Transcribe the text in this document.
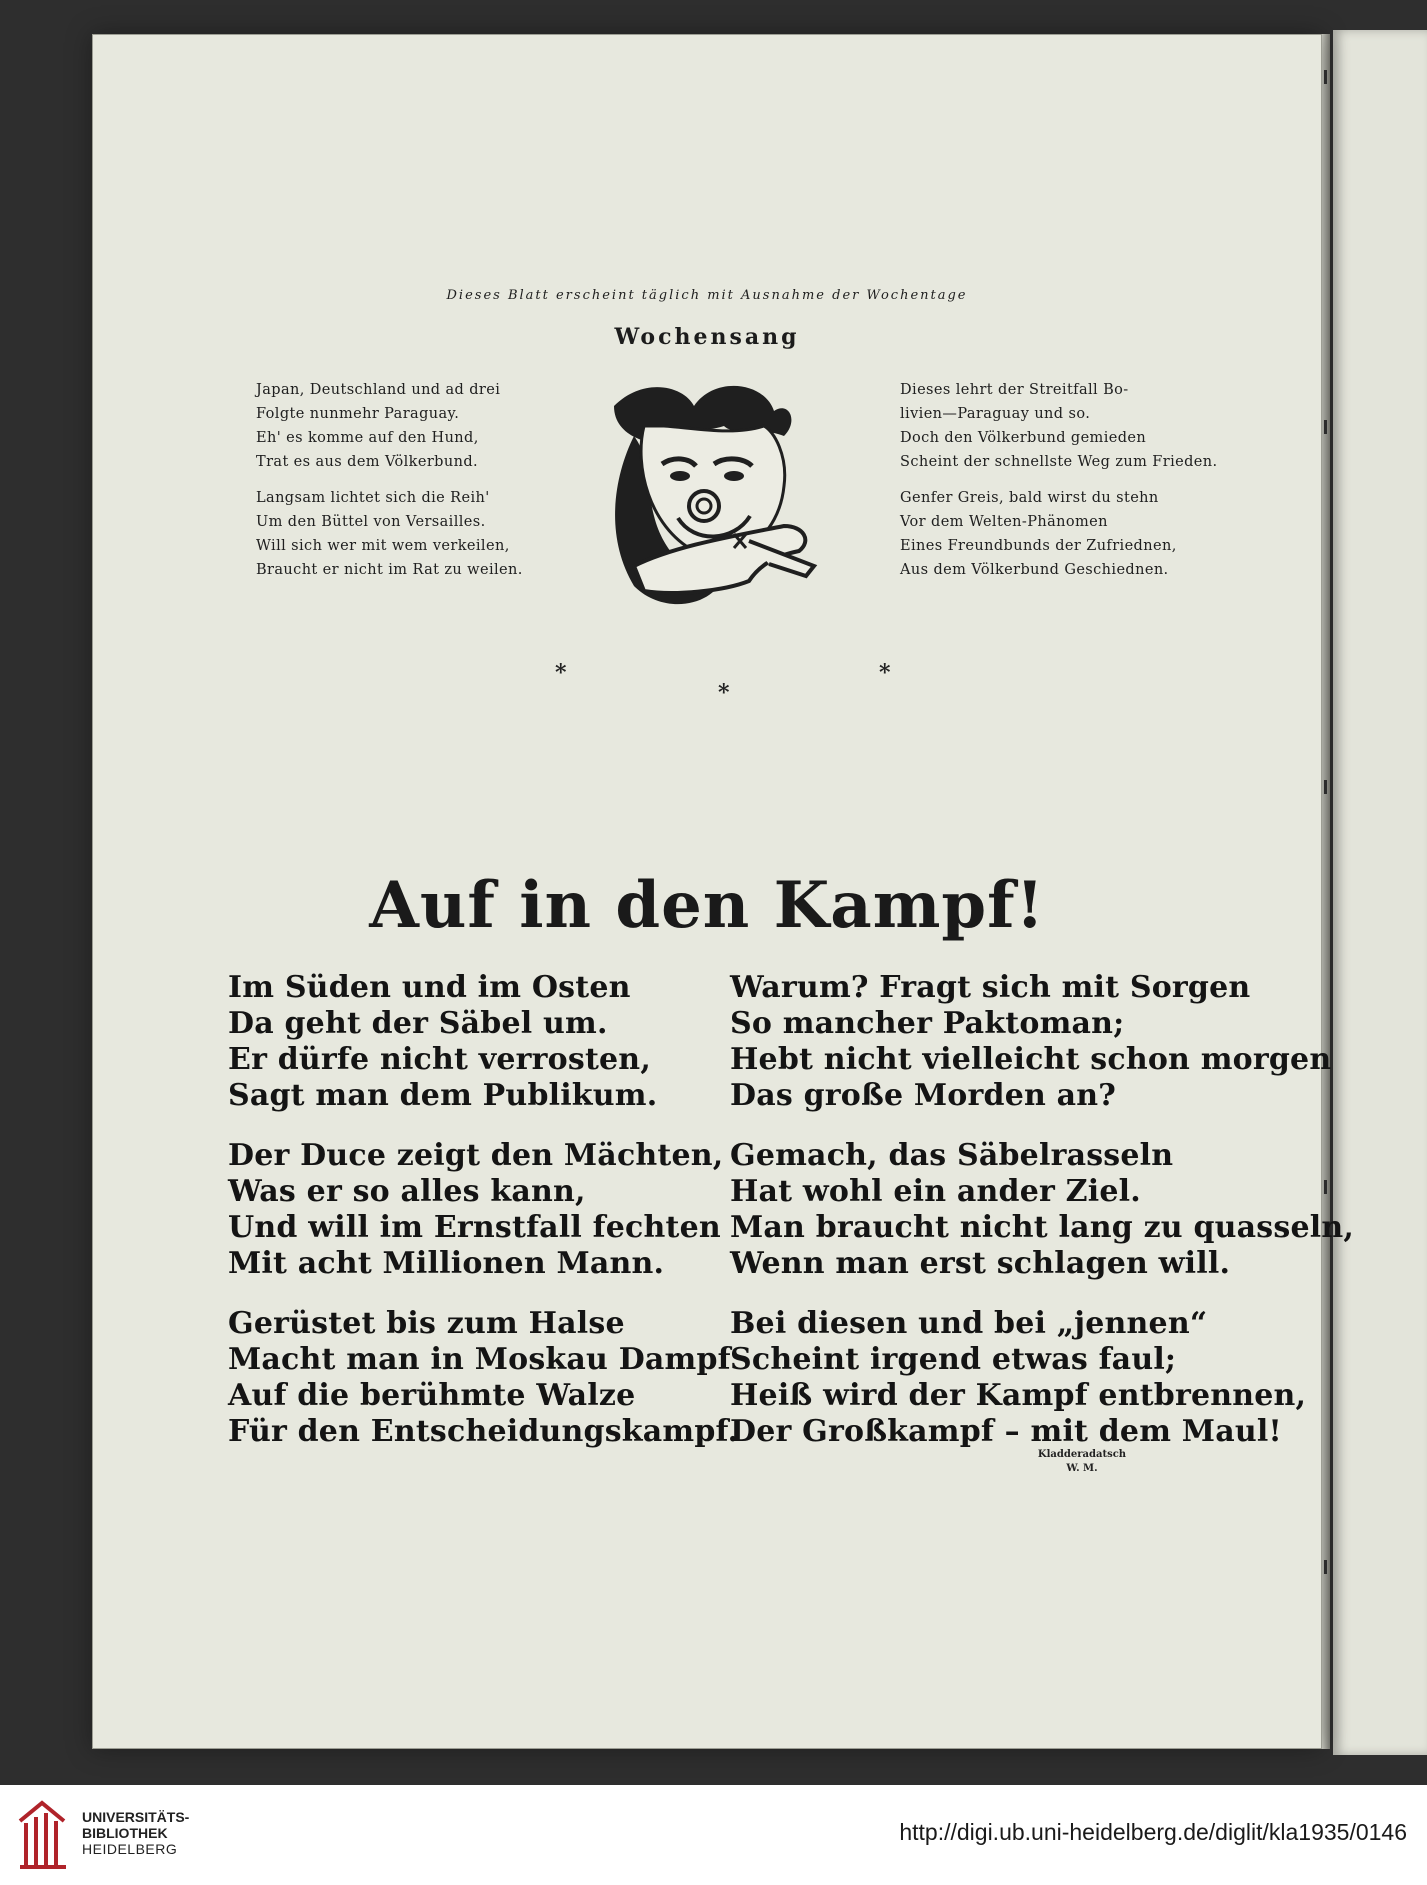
Dieses Blatt erscheint täglich mit Ausnahme der Wochentage
Wochensang
Japan, Deutschland und ad drei
Folgte nunmehr Paraguay.
Eh' es komme auf den Hund,
Trat es aus dem Völkerbund.
Langsam lichtet sich die Reih'
Um den Büttel von Versailles.
Will sich wer mit wem verkeilen,
Braucht er nicht im Rat zu weilen.
Dieses lehrt der Streitfall Bo-
livien—Paraguay und so.
Doch den Völkerbund gemieden
Scheint der schnellste Weg zum Frieden.
Genfer Greis, bald wirst du stehn
Vor dem Welten-Phänomen
Eines Freundbunds der Zufriednen,
Aus dem Völkerbund Geschiednen.
*
*
*
Auf in den Kampf!
Im Süden und im Osten
Da geht der Säbel um.
Er dürfe nicht verrosten,
Sagt man dem Publikum.
Der Duce zeigt den Mächten,
Was er so alles kann,
Und will im Ernstfall fechten
Mit acht Millionen Mann.
Gerüstet bis zum Halse
Macht man in Moskau Dampf
Auf die berühmte Walze
Für den Entscheidungskampf.
Warum? Fragt sich mit Sorgen
So mancher Paktoman;
Hebt nicht vielleicht schon morgen
Das große Morden an?
Gemach, das Säbelrasseln
Hat wohl ein ander Ziel.
Man braucht nicht lang zu quasseln,
Wenn man erst schlagen will.
Bei diesen und bei „jennen“
Scheint irgend etwas faul;
Heiß wird der Kampf entbrennen,
Der Großkampf – mit dem Maul!
Kladderadatsch
W. M.
UNIVERSITÄTS-
BIBLIOTHEK
HEIDELBERG
http://digi.ub.uni-heidelberg.de/diglit/kla1935/0146
